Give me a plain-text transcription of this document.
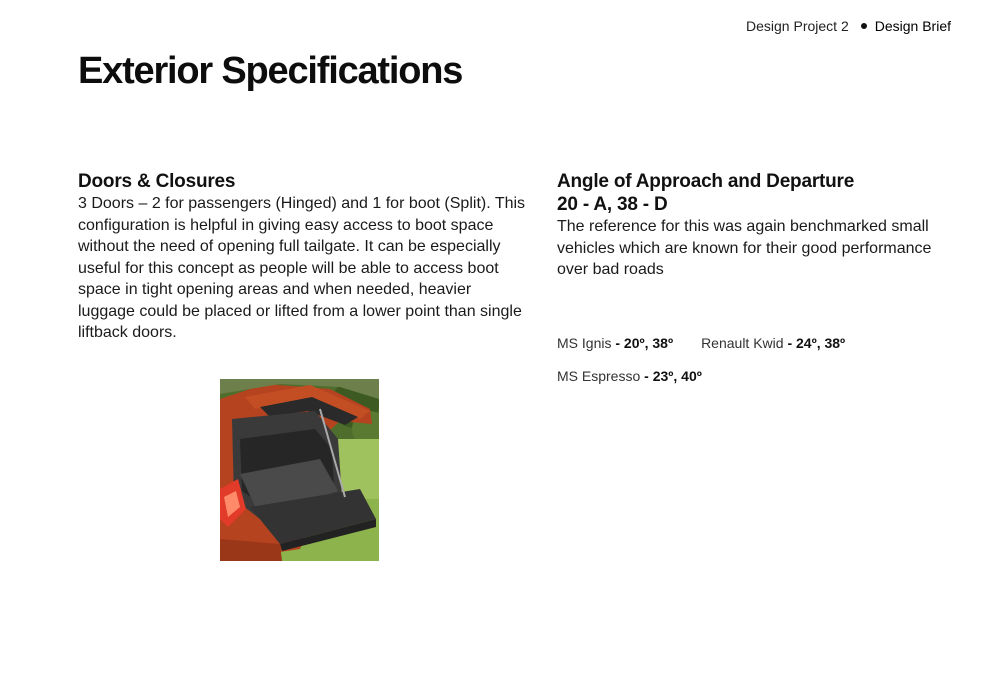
Design Project 2 Design Brief
Exterior Specifications
Doors & Closures

3 Doors – 2 for passengers (Hinged) and 1 for boot (Split). This configuration is helpful in giving easy access to boot space without the need of opening full tailgate. It can be especially useful for this concept as people will be able to access boot space in tight opening areas and when needed, heavier luggage could be placed or lifted from a lower point than single liftback doors.

Angle of Approach and Departure
20 - A, 38 - D

The reference for this was again benchmarked small vehicles which are known for their good performance over bad roads

MS Ignis - 20º, 38º Renault Kwid - 24º, 38º
MS Espresso - 23º, 40º
